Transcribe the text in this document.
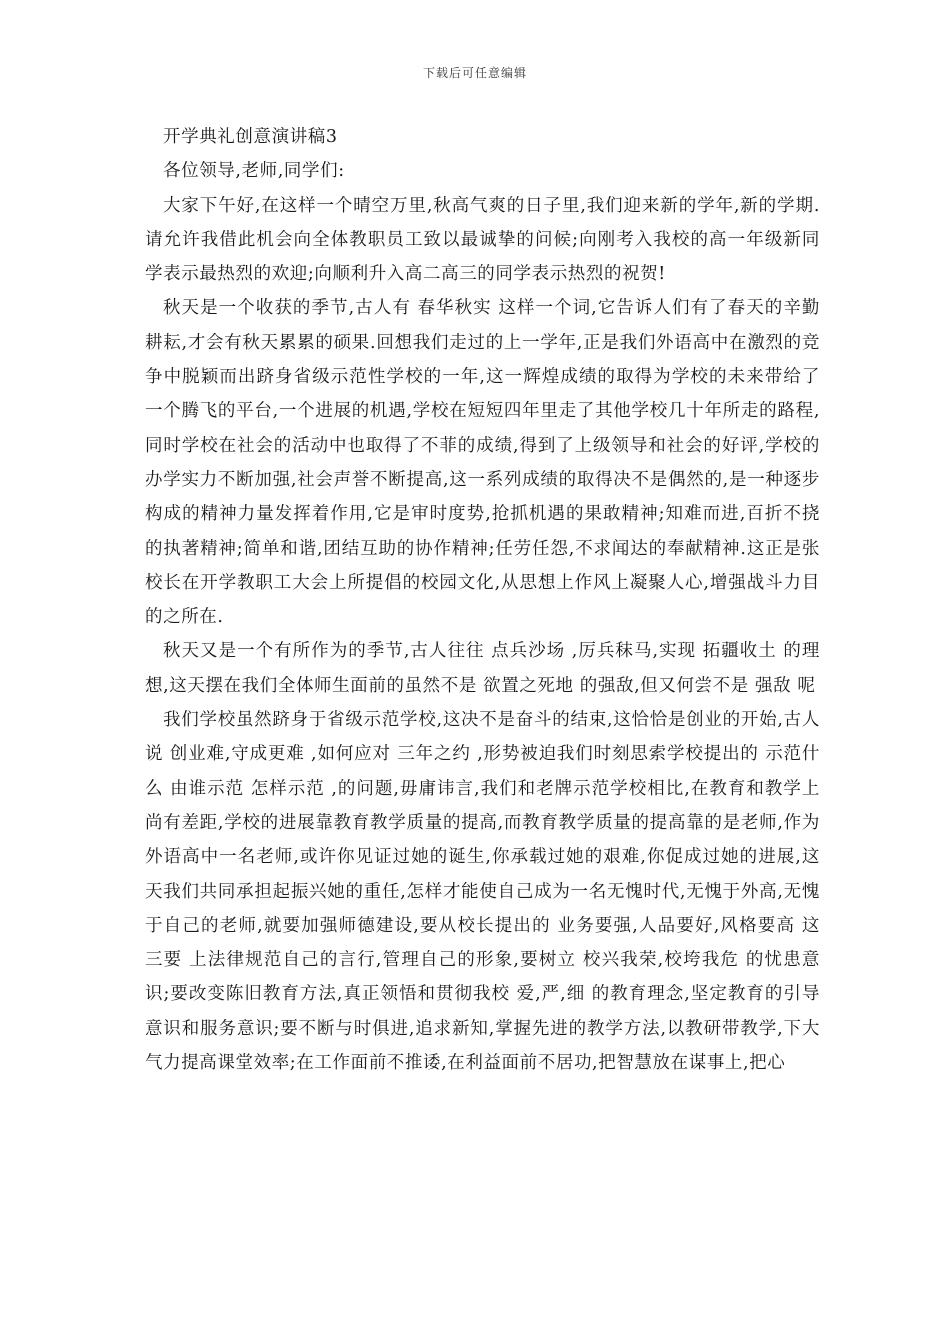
下载后可任意编辑

开学典礼创意演讲稿3

各位领导,老师,同学们:

大家下午好,在这样一个晴空万里,秋高气爽的日子里,我们迎来新的学年,新的学期.请允许我借此机会向全体教职员工致以最诚挚的问候;向刚考入我校的高一年级新同学表示最热烈的欢迎;向顺利升入高二高三的同学表示热烈的祝贺!

秋天是一个收获的季节,古人有 春华秋实 这样一个词,它告诉人们有了春天的辛勤耕耘,才会有秋天累累的硕果.回想我们走过的上一学年,正是我们外语高中在激烈的竞争中脱颖而出跻身省级示范性学校的一年,这一辉煌成绩的取得为学校的未来带给了一个腾飞的平台,一个进展的机遇,学校在短短四年里走了其他学校几十年所走的路程,同时学校在社会的活动中也取得了不菲的成绩,得到了上级领导和社会的好评,学校的办学实力不断加强,社会声誉不断提高,这一系列成绩的取得决不是偶然的,是一种逐步构成的精神力量发挥着作用,它是审时度势,抢抓机遇的果敢精神;知难而进,百折不挠的执著精神;简单和谐,团结互助的协作精神;任劳任怨,不求闻达的奉献精神.这正是张校长在开学教职工大会上所提倡的校园文化,从思想上作风上凝聚人心,增强战斗力目的之所在.

秋天又是一个有所作为的季节,古人往往 点兵沙场 ,厉兵秣马,实现 拓疆收土 的理想,这天摆在我们全体师生面前的虽然不是 欲置之死地 的强敌,但又何尝不是 强敌 呢

我们学校虽然跻身于省级示范学校,这决不是奋斗的结束,这恰恰是创业的开始,古人说 创业难,守成更难 ,如何应对 三年之约 ,形势被迫我们时刻思索学校提出的 示范什么 由谁示范 怎样示范 ,的问题,毋庸讳言,我们和老牌示范学校相比,在教育和教学上尚有差距,学校的进展靠教育教学质量的提高,而教育教学质量的提高靠的是老师,作为外语高中一名老师,或许你见证过她的诞生,你承载过她的艰难,你促成过她的进展,这天我们共同承担起振兴她的重任,怎样才能使自己成为一名无愧时代,无愧于外高,无愧于自己的老师,就要加强师德建设,要从校长提出的 业务要强,人品要好,风格要高 这 三要 上法律规范自己的言行,管理自己的形象,要树立 校兴我荣,校垮我危 的忧患意识;要改变陈旧教育方法,真正领悟和贯彻我校 爱,严,细 的教育理念,坚定教育的引导意识和服务意识;要不断与时俱进,追求新知,掌握先进的教学方法,以教研带教学,下大气力提高课堂效率;在工作面前不推诿,在利益面前不居功,把智慧放在谋事上,把心
